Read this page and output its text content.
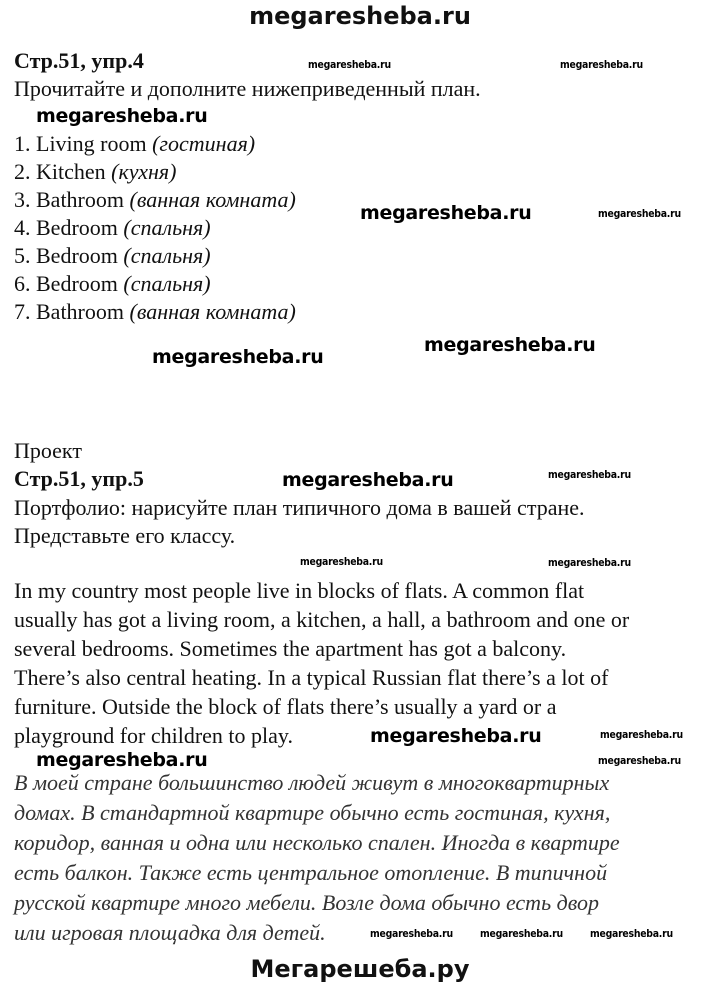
megaresheba.ru
Стр.51, упр.4
Прочитайте и дополните нижеприведенный план.
1. Living room (гостиная)
2. Kitchen (кухня)
3. Bathroom (ванная комната)
4. Bedroom (спальня)
5. Bedroom (спальня)
6. Bedroom (спальня)
7. Bathroom (ванная комната)
Проект
Стр.51, упр.5
Портфолио: нарисуйте план типичного дома в вашей стране.
Представьте его классу.
In my country most people live in blocks of flats. A common flat
usually has got a living room, a kitchen, a hall, a bathroom and one or
several bedrooms. Sometimes the apartment has got a balcony.
There’s also central heating. In a typical Russian flat there’s a lot of
furniture. Outside the block of flats there’s usually a yard or a
playground for children to play.
В моей стране большинство людей живут в многоквартирных
домах. В стандартной квартире обычно есть гостиная, кухня,
коридор, ванная и одна или несколько спален. Иногда в квартире
есть балкон. Также есть центральное отопление. В типичной
русской квартире много мебели. Возле дома обычно есть двор
или игровая площадка для детей.
megaresheba.ru	megaresheba.ru
megaresheba.ru
megaresheba.ru	megaresheba.ru
megaresheba.ru
megaresheba.ru
megaresheba.ru
megaresheba.ru
megaresheba.ru
megaresheba.ru
megaresheba.ru
megaresheba.ru
megaresheba.ru	megaresheba.ru
megaresheba.ru megaresheba.ru megaresheba.ru
Мегарешеба.ру
